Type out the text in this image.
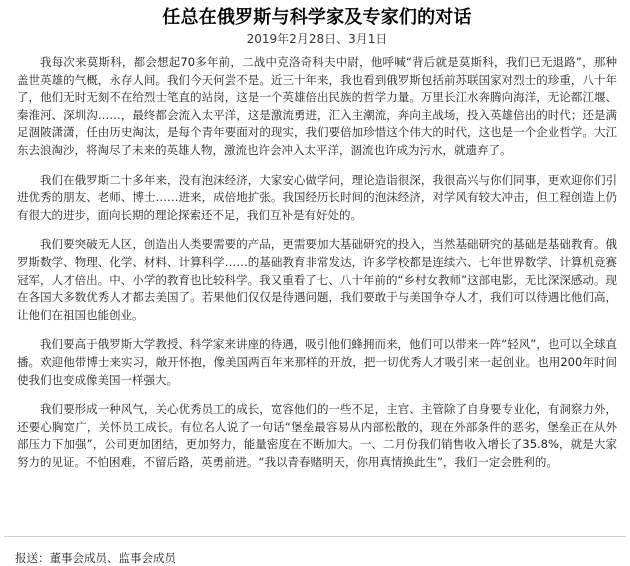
任总在俄罗斯与科学家及专家们的对话
2019年2月28日、3月1日

我每次来莫斯科，都会想起70多年前，二战中克洛奇科夫中尉，他呼喊“背后就是莫斯科，我们已无退路”，那种盖世英雄的气概，永存人间。我们今天何尝不是。近三十年来，我也看到俄罗斯包括前苏联国家对烈士的珍重，八十年了，他们无时无刻不在给烈士笔直的站岗，这是一个英雄倍出民族的哲学力量。万里长江水奔腾向海洋，无论都江堰、秦淮河、深圳沟……，最终都会流入太平洋，这是激流勇进，汇入主潮流，奔向主战场，投入英雄倍出的时代；还是满足涸陂潇潇，任由历史淘汰，是每个青年要面对的现实，我们要倍加珍惜这个伟大的时代，这也是一个企业哲学。大江东去浪淘沙，将淘尽了未来的英雄人物，激流也许会冲入太平洋，涸流也许成为污水，就遗弃了。

我们在俄罗斯二十多年来，没有泡沫经济，大家安心做学问，理论造诣很深，我很高兴与你们同事，更欢迎你们引进优秀的朋友、老师、博士……进来，成倍地扩张。我国经历长时间的泡沫经济，对学风有较大冲击，但工程创造上仍有很大的进步，面向长期的理论探索还不足，我们互补是有好处的。

我们要突破无人区，创造出人类要需要的产品，更需要加大基础研究的投入，当然基础研究的基础是基础教育。俄罗斯数学、物理、化学、材料、计算科学……的基础教育非常发达，许多学校都是连续六、七年世界数学、计算机竞赛冠军，人才倍出。中、小学的教育也比较科学。我又重看了七、八十年前的“乡村女教师”这部电影，无比深深感动。现在各国大多数优秀人才都去美国了。若果他们仅仅是待遇问题，我们要敢于与美国争夺人才，我们可以待遇比他们高，让他们在祖国也能创业。

我们要高于俄罗斯大学教授、科学家来讲座的待遇，吸引他们蜂拥而来，他们可以带来一阵“轻风”，也可以全球直播。欢迎他带博士来实习，敞开怀抱，像美国两百年来那样的开放，把一切优秀人才吸引来一起创业。也用200年时间使我们也变成像美国一样强大。

我们要形成一种风气，关心优秀员工的成长，宽容他们的一些不足，主官、主管除了自身要专业化，有洞察力外，还要心胸宽广，关怀员工成长。有位名人说了一句话“堡垒最容易从内部松散的，现在外部条件的恶劣，堡垒正在从外部压力下加强”，公司更加团结，更加努力，能量密度在不断加大。一、二月份我们销售收入增长了35.8%，就是大家努力的见证。不怕困难，不留后路，英勇前进。“我以青春赌明天，你用真情换此生”，我们一定会胜利的。

报送：董事会成员、监事会成员
